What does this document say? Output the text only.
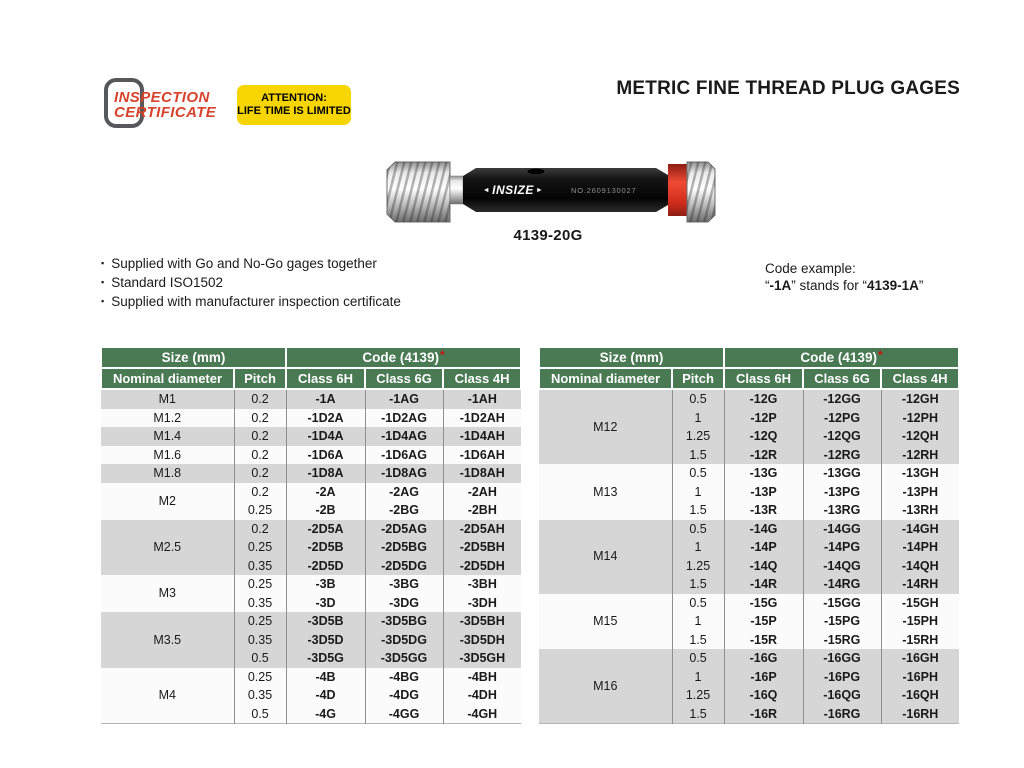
INSPECTION
CERTIFICATE
ATTENTION:
LIFE TIME IS LIMITED
METRIC FINE THREAD PLUG GAGES
◄ INSIZE ►	NO.2609130027
4139-20G
▪ Supplied with Go and No-Go gages together
▪ Standard ISO1502
▪ Supplied with manufacturer inspection certificate
Code example:
“-1A” stands for “4139-1A”
Size (mm)		Code (4139)*		
Nominal diameter	Pitch	Class 6H	Class 6G	Class 4H
M1	0.2	-1A	-1AG	-1AH
M1.2	0.2	-1D2A	-1D2AG	-1D2AH
M1.4	0.2	-1D4A	-1D4AG	-1D4AH
M1.6	0.2	-1D6A	-1D6AG	-1D6AH
M1.8	0.2	-1D8A	-1D8AG	-1D8AH
M2	0.2	-2A	-2AG	-2AH
	0.25	-2B	-2BG	-2BH
M2.5	0.2	-2D5A	-2D5AG	-2D5AH
	0.25	-2D5B	-2D5BG	-2D5BH
	0.35	-2D5D	-2D5DG	-2D5DH
M3	0.25	-3B	-3BG	-3BH
	0.35	-3D	-3DG	-3DH
M3.5	0.25	-3D5B	-3D5BG	-3D5BH
	0.35	-3D5D	-3D5DG	-3D5DH
	0.5	-3D5G	-3D5GG	-3D5GH
M4	0.25	-4B	-4BG	-4BH
	0.35	-4D	-4DG	-4DH
	0.5	-4G	-4GG	-4GH
Size (mm)		Code (4139)*		
Nominal diameter	Pitch	Class 6H	Class 6G	Class 4H
M12	0.5	-12G	-12GG	-12GH
	1	-12P	-12PG	-12PH
	1.25	-12Q	-12QG	-12QH
	1.5	-12R	-12RG	-12RH
M13	0.5	-13G	-13GG	-13GH
	1	-13P	-13PG	-13PH
	1.5	-13R	-13RG	-13RH
M14	0.5	-14G	-14GG	-14GH
	1	-14P	-14PG	-14PH
	1.25	-14Q	-14QG	-14QH
	1.5	-14R	-14RG	-14RH
M15	0.5	-15G	-15GG	-15GH
	1	-15P	-15PG	-15PH
	1.5	-15R	-15RG	-15RH
M16	0.5	-16G	-16GG	-16GH
	1	-16P	-16PG	-16PH
	1.25	-16Q	-16QG	-16QH
	1.5	-16R	-16RG	-16RH
